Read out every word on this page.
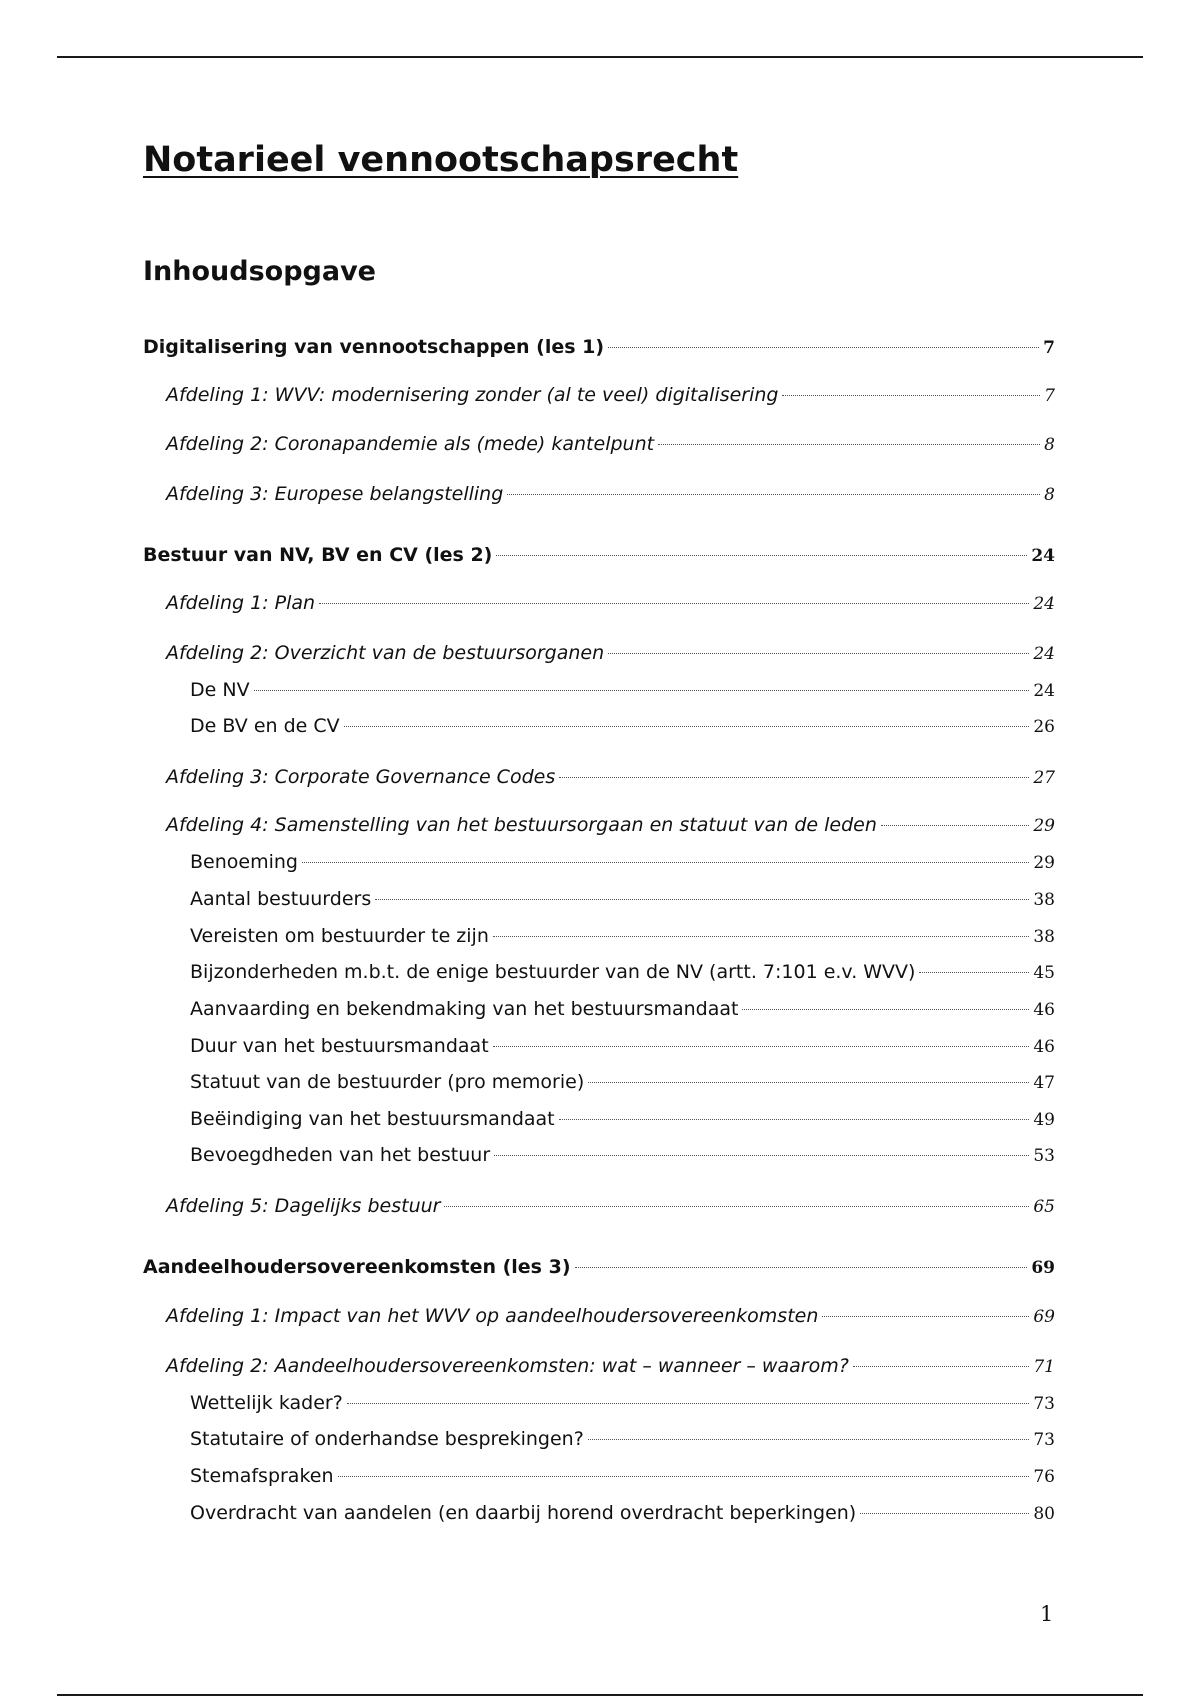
Notarieel vennootschapsrecht
Inhoudsopgave
Digitalisering van vennootschappen (les 1)	7
Afdeling 1: WVV: modernisering zonder (al te veel) digitalisering	7
Afdeling 2: Coronapandemie als (mede) kantelpunt	8
Afdeling 3: Europese belangstelling	8
Bestuur van NV, BV en CV (les 2)	24
Afdeling 1: Plan	24
Afdeling 2: Overzicht van de bestuursorganen	24
De NV	24
De BV en de CV	26
Afdeling 3: Corporate Governance Codes	27
Afdeling 4: Samenstelling van het bestuursorgaan en statuut van de leden	29
Benoeming	29
Aantal bestuurders	38
Vereisten om bestuurder te zijn	38
Bijzonderheden m.b.t. de enige bestuurder van de NV (artt. 7:101 e.v. WVV)	45
Aanvaarding en bekendmaking van het bestuursmandaat	46
Duur van het bestuursmandaat	46
Statuut van de bestuurder (pro memorie)	47
Beëindiging van het bestuursmandaat	49
Bevoegdheden van het bestuur	53
Afdeling 5: Dagelijks bestuur	65
Aandeelhoudersovereenkomsten (les 3)	69
Afdeling 1: Impact van het WVV op aandeelhoudersovereenkomsten	69
Afdeling 2: Aandeelhoudersovereenkomsten: wat – wanneer – waarom?	71
Wettelijk kader?	73
Statutaire of onderhandse besprekingen?	73
Stemafspraken	76
Overdracht van aandelen (en daarbij horend overdracht beperkingen)	80
1
